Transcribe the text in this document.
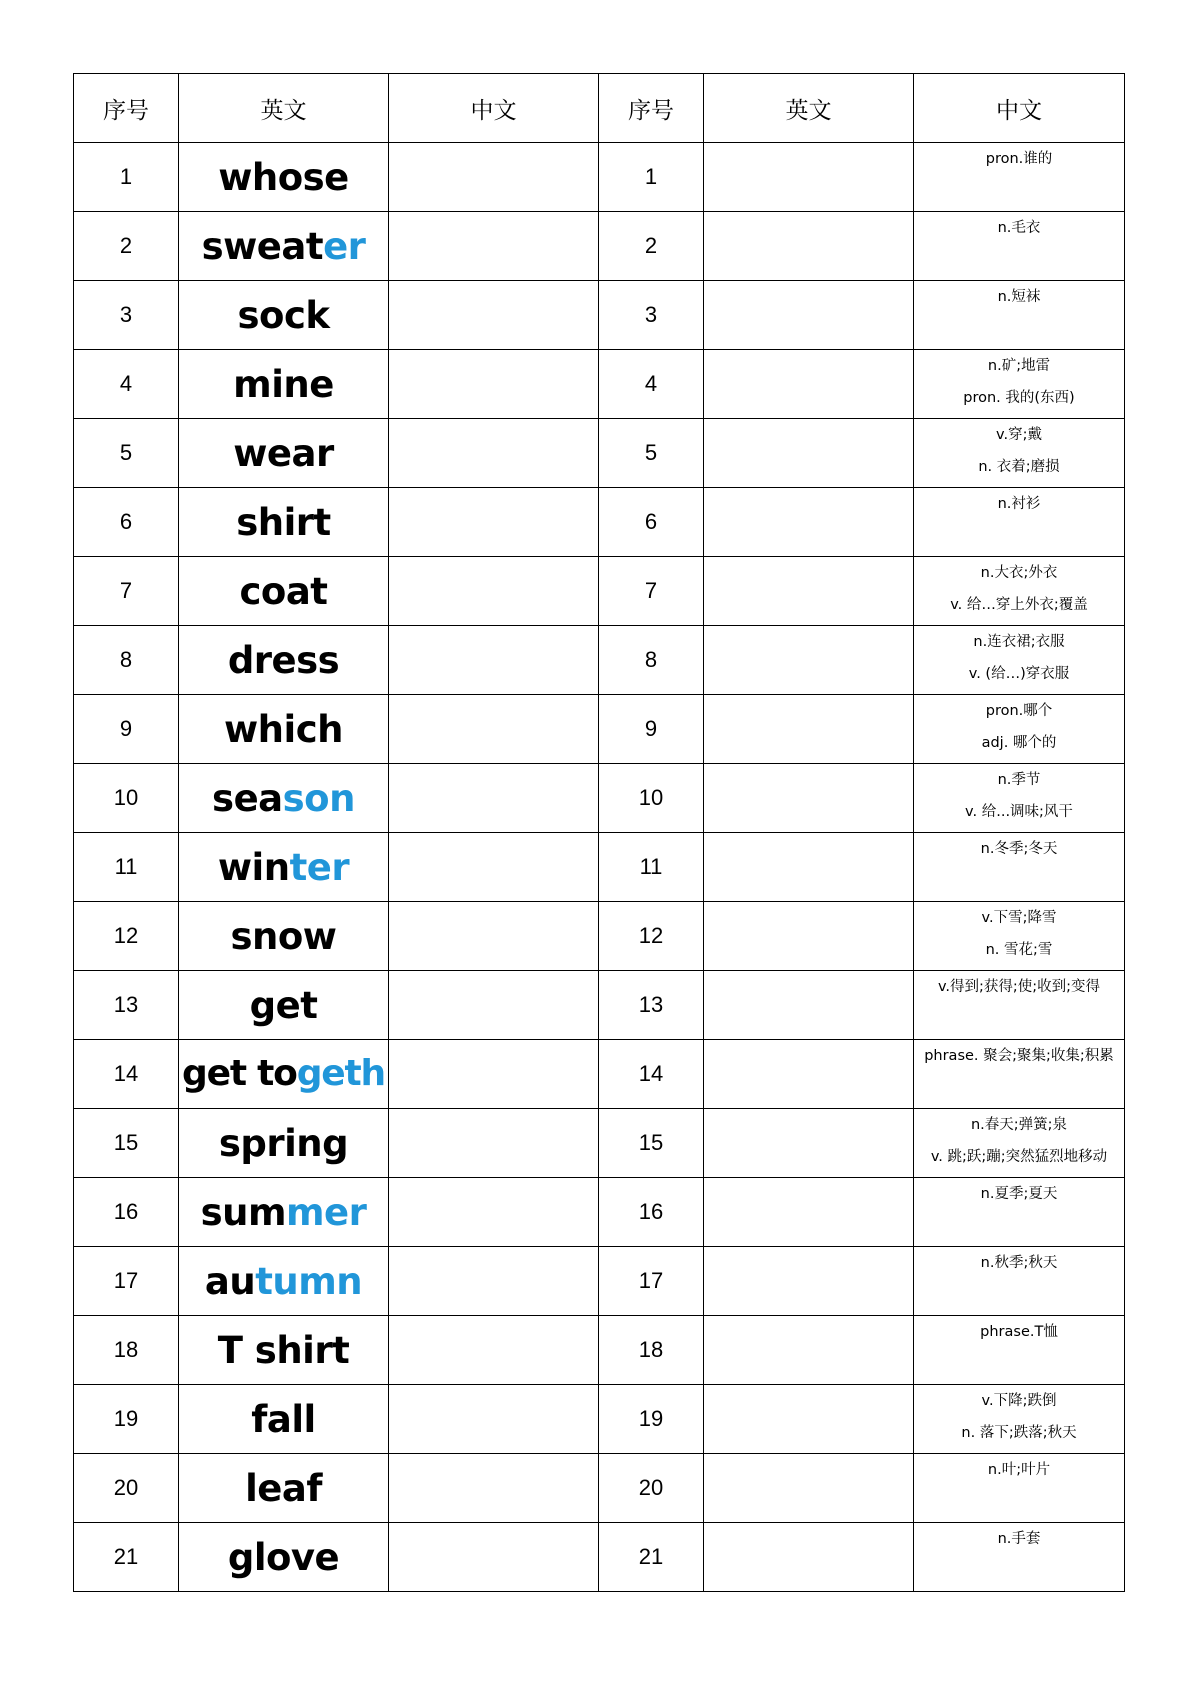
序号	英文	中文	序号	英文	中文
1	whose		1		pron.谁的

2	sweater		2		n.毛衣

3	sock		3		n.短袜

4	mine		4		n.矿;地雷
pron. 我的(东西)

5	wear		5		v.穿;戴
n. 衣着;磨损

6	shirt		6		n.衬衫

7	coat		7		n.大衣;外衣
v. 给…穿上外衣;覆盖

8	dress		8		n.连衣裙;衣服
v. (给…)穿衣服

9	which		9		pron.哪个
adj. 哪个的

10	season		10		n.季节
v. 给...调味;风干

11	winter		11		n.冬季;冬天

12	snow		12		v.下雪;降雪
n. 雪花;雪

13	get		13		v.得到;获得;使;收到;变得

14	get togeth		14		phrase. 聚会;聚集;收集;积累

15	spring		15		n.春天;弹簧;泉
v. 跳;跃;蹦;突然猛烈地移动

16	summer		16		n.夏季;夏天

17	autumn		17		n.秋季;秋天

18	T shirt		18		phrase.T恤

19	fall		19		v.下降;跌倒
n. 落下;跌落;秋天

20	leaf		20		n.叶;叶片

21	glove		21		n.手套
